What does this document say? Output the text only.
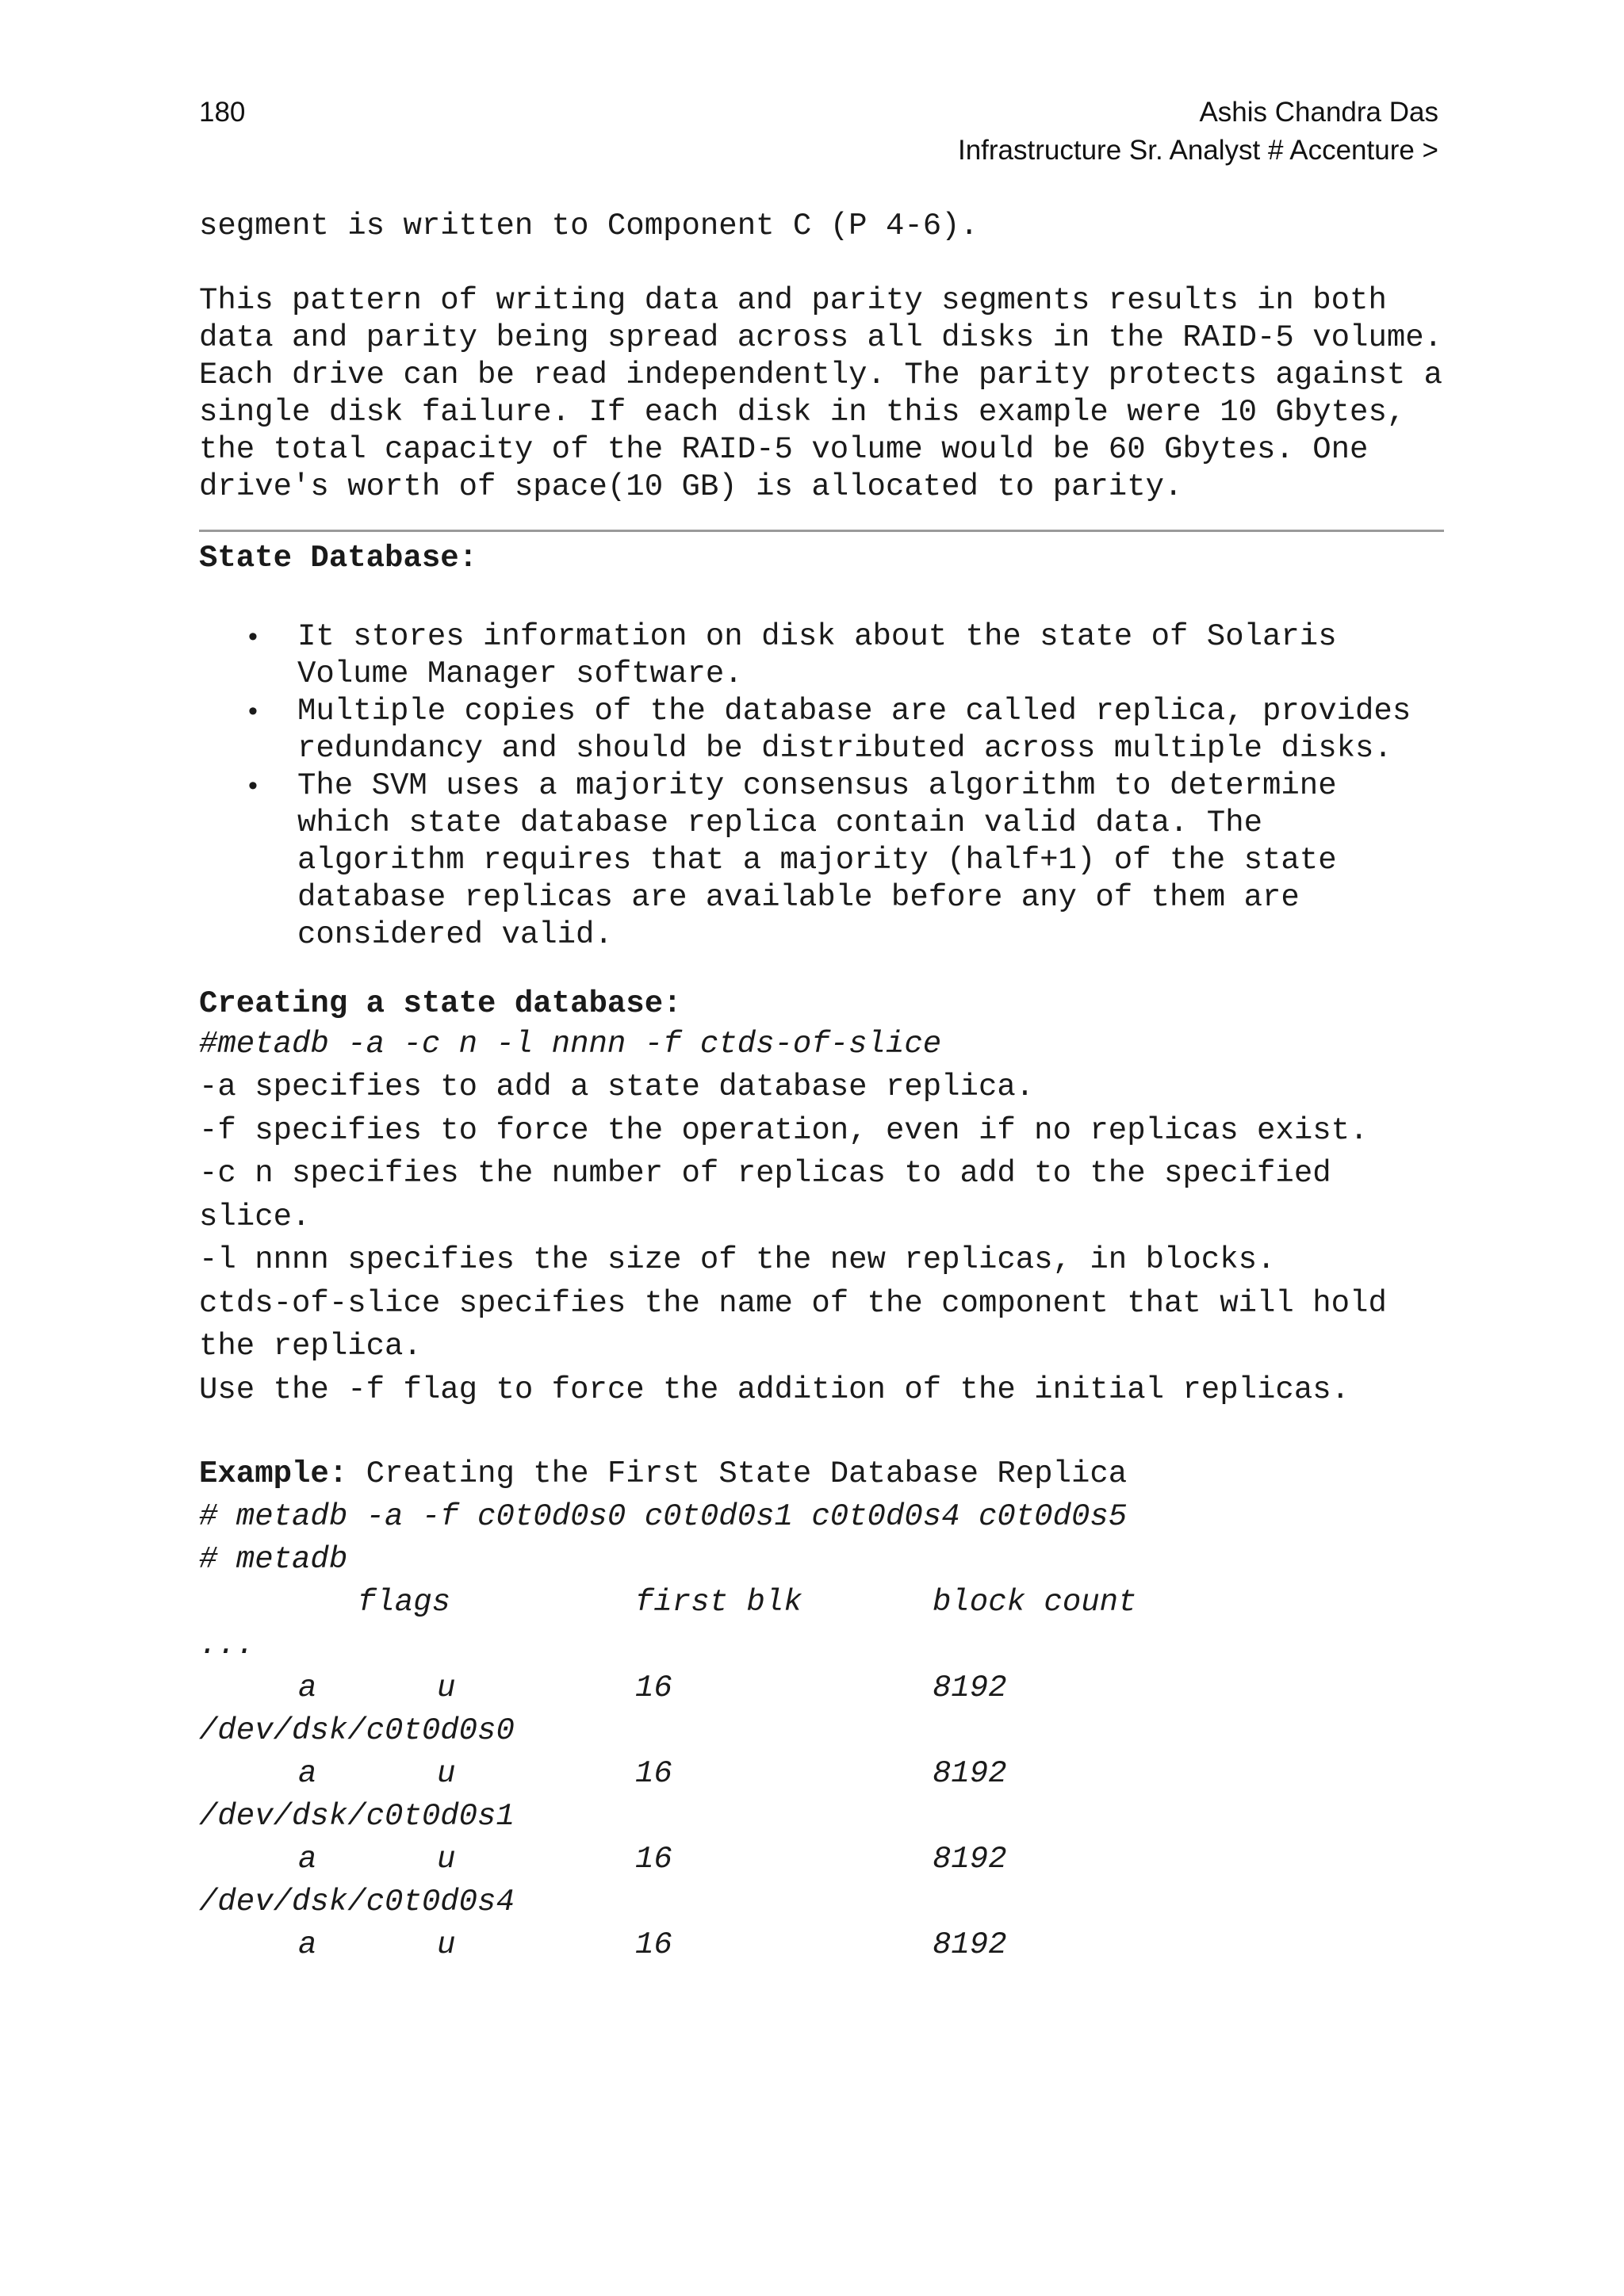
180	Ashis Chandra Das
Infrastructure Sr. Analyst # Accenture >

segment is written to Component C (P 4-6).

This pattern of writing data and parity segments results in both data and parity being spread across all disks in the RAID-5 volume. Each drive can be read independently. The parity protects against a single disk failure. If each disk in this example were 10 Gbytes, the total capacity of the RAID-5 volume would be 60 Gbytes. One drive's worth of space(10 GB) is allocated to parity.

State Database:

• It stores information on disk about the state of Solaris Volume Manager software.
• Multiple copies of the database are called replica, provides redundancy and should be distributed across multiple disks.
• The SVM uses a majority consensus algorithm to determine which state database replica contain valid data. The algorithm requires that a majority (half+1) of the state database replicas are available before any of them are considered valid.

Creating a state database:

#metadb -a -c n -l nnnn -f ctds-of-slice

-a specifies to add a state database replica.

-f specifies to force the operation, even if no replicas exist.

-c n specifies the number of replicas to add to the specified slice.

-l nnnn specifies the size of the new replicas, in blocks.

ctds-of-slice specifies the name of the component that will hold the replica.

Use the -f flag to force the addition of the initial replicas.

Example: Creating the First State Database Replica

# metadb -a -f c0t0d0s0 c0t0d0s1 c0t0d0s4 c0t0d0s5

# metadb

flags	first blk	block count
...
a	u	16	8192
/dev/dsk/c0t0d0s0
a	u	16	8192
/dev/dsk/c0t0d0s1
a	u	16	8192
/dev/dsk/c0t0d0s4
a	u	16	8192
